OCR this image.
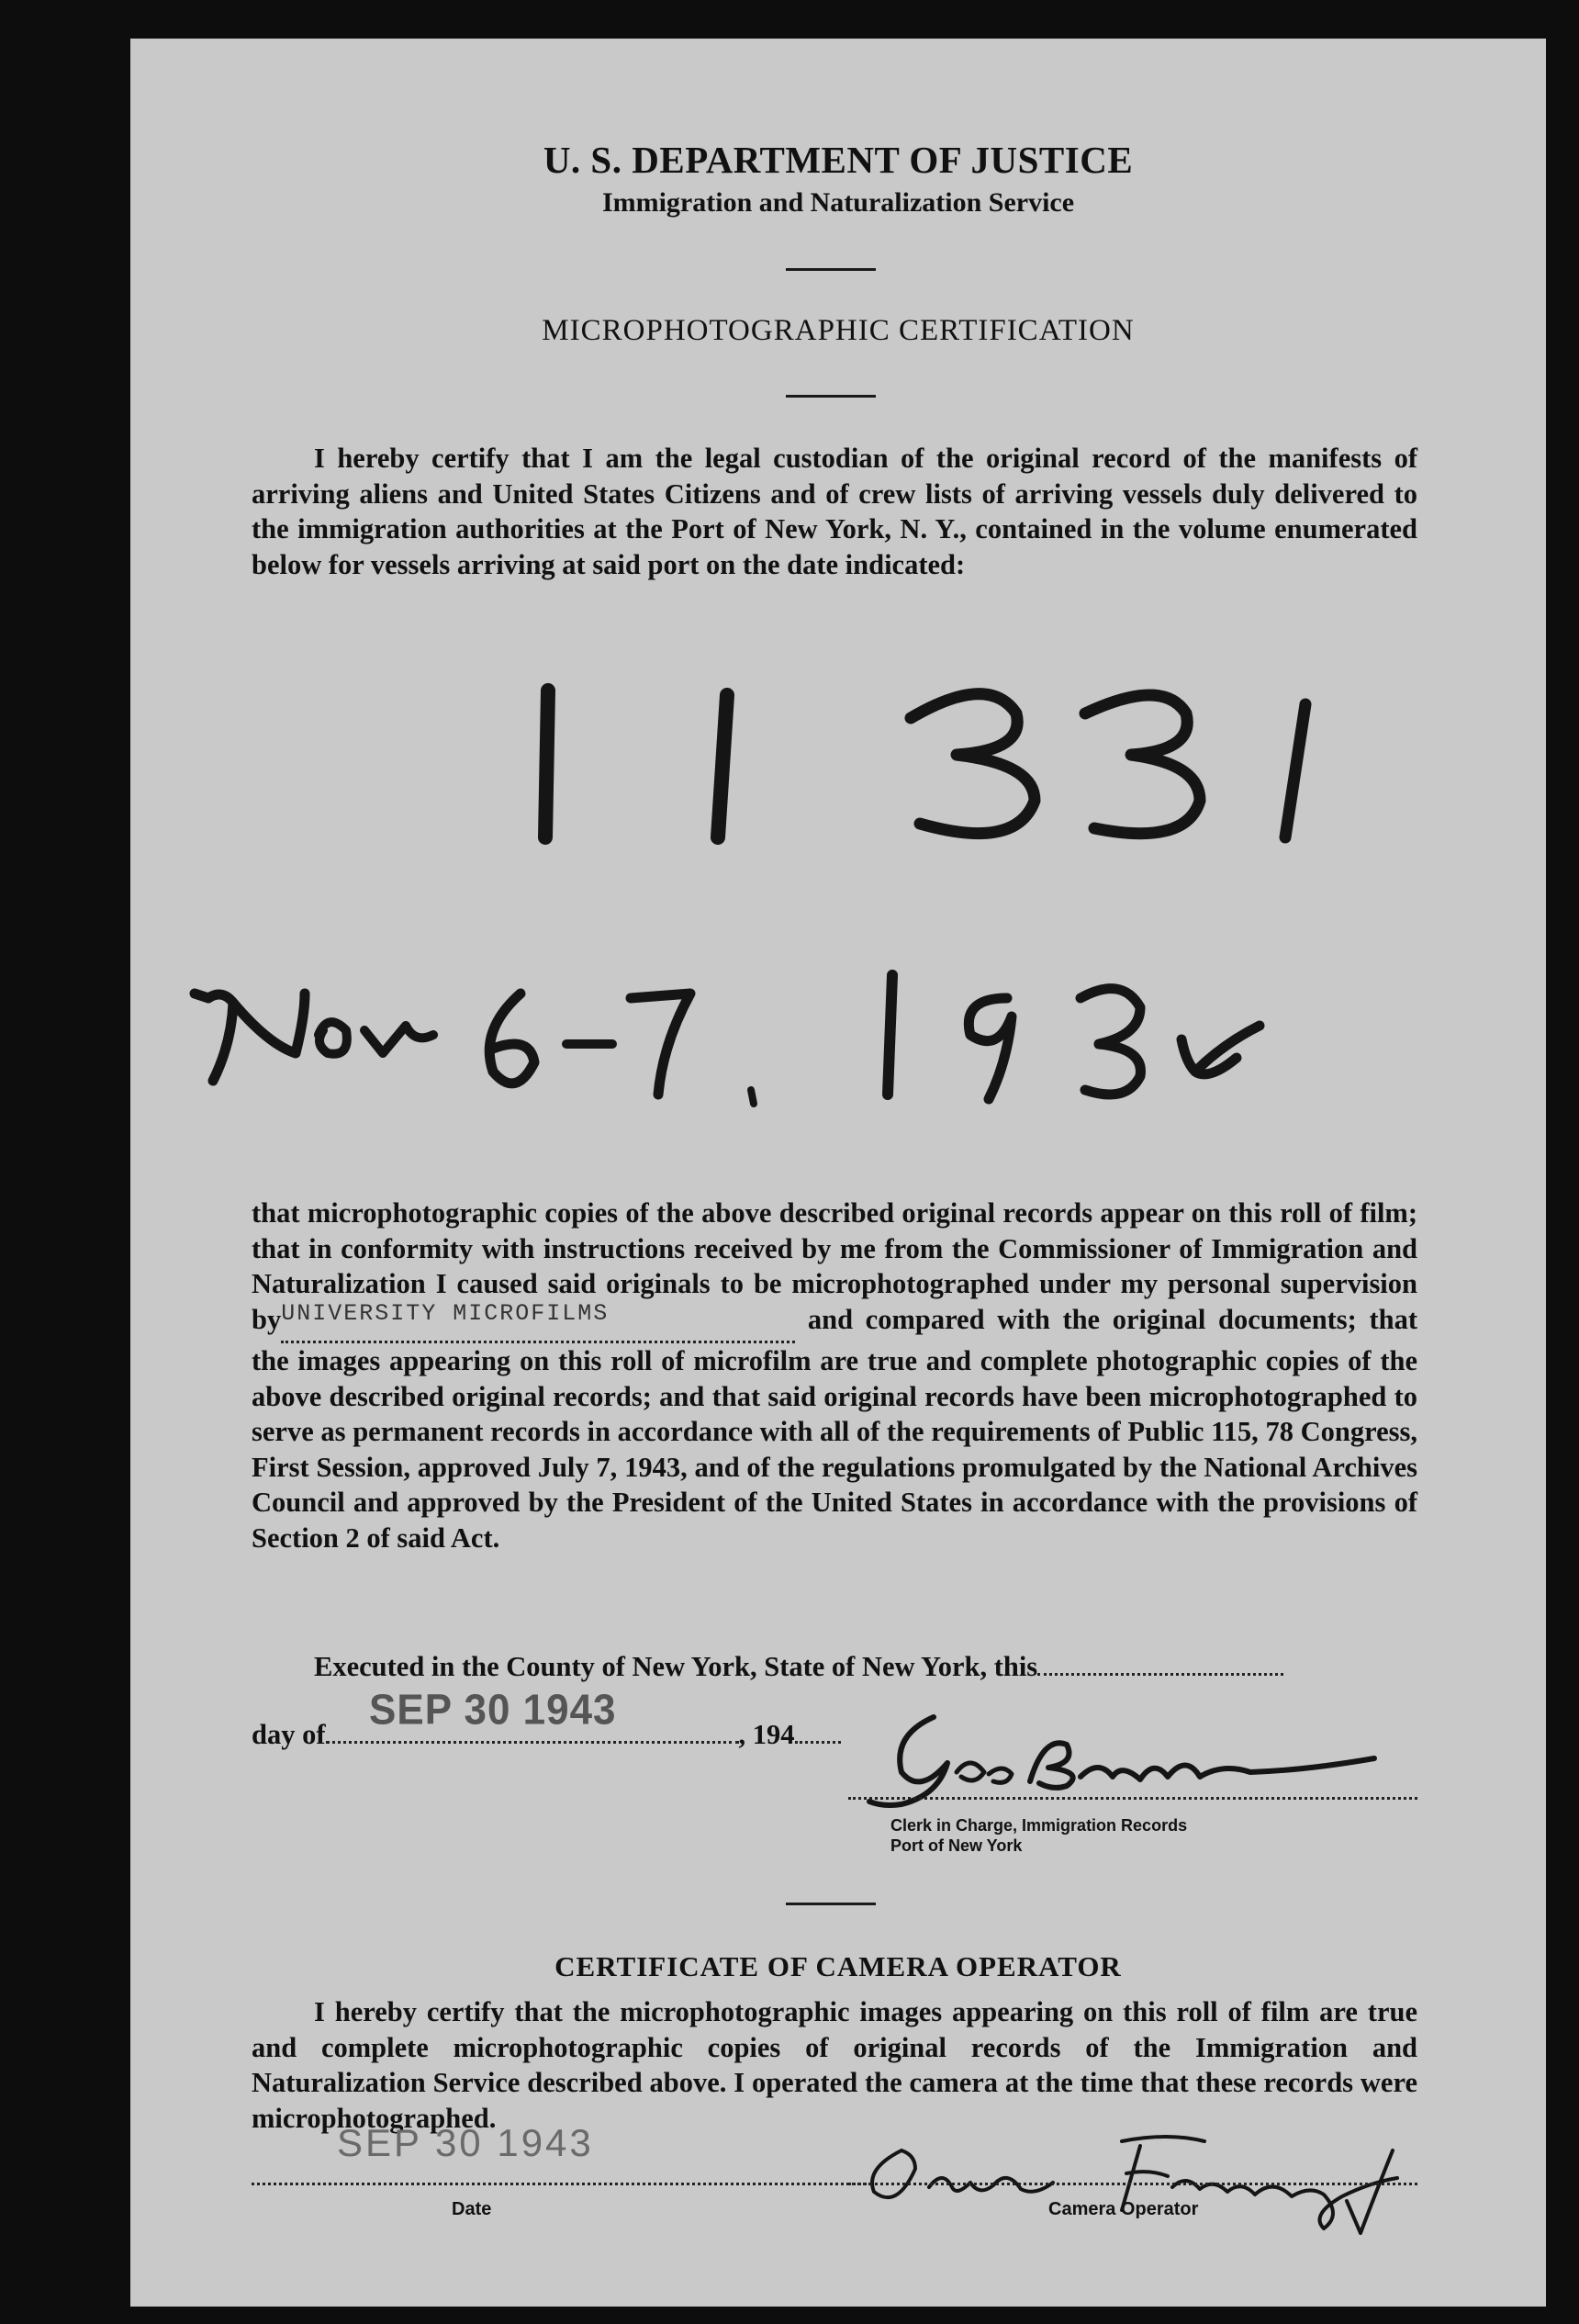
U. S. DEPARTMENT OF JUSTICE
Immigration and Naturalization Service
MICROPHOTOGRAPHIC CERTIFICATION
I hereby certify that I am the legal custodian of the original record of the manifests of arriving aliens and United States Citizens and of crew lists of arriving vessels duly delivered to the immigration authorities at the Port of New York, N. Y., contained in the volume enumerated below for vessels arriving at said port on the date indicated:
that microphotographic copies of the above described original records appear on this roll of film; that in conformity with instructions received by me from the Commissioner of Immigration and Naturalization I caused said originals to be microphotographed under my personal supervision $by^{UNIVERSITY MICROFILMS}$	and compared with the original documents; that the images appearing on this roll of microfilm are true and complete photographic copies of the above described original records; and that said original records have been microphotographed to serve as permanent records in accordance with all of the requirements of Public 115, 78 Congress, First Session, approved July 7, 1943, and of the regulations promulgated by the National Archives Council and approved by the President of the United States in accordance with the provisions of Section 2 of said Act.
Executed in the County of New York, State of New York, this
day of	, 194
SEP 30 1943
Clerk in Charge, Immigration Records
Port of New York
CERTIFICATE OF CAMERA OPERATOR
I hereby certify that the microphotographic images appearing on this roll of film are true and complete microphotographic copies of original records of the Immigration and Naturalization Service described above. I operated the camera at the time that these records were microphotographed.
SEP 30 1943
Date	Camera Operator
